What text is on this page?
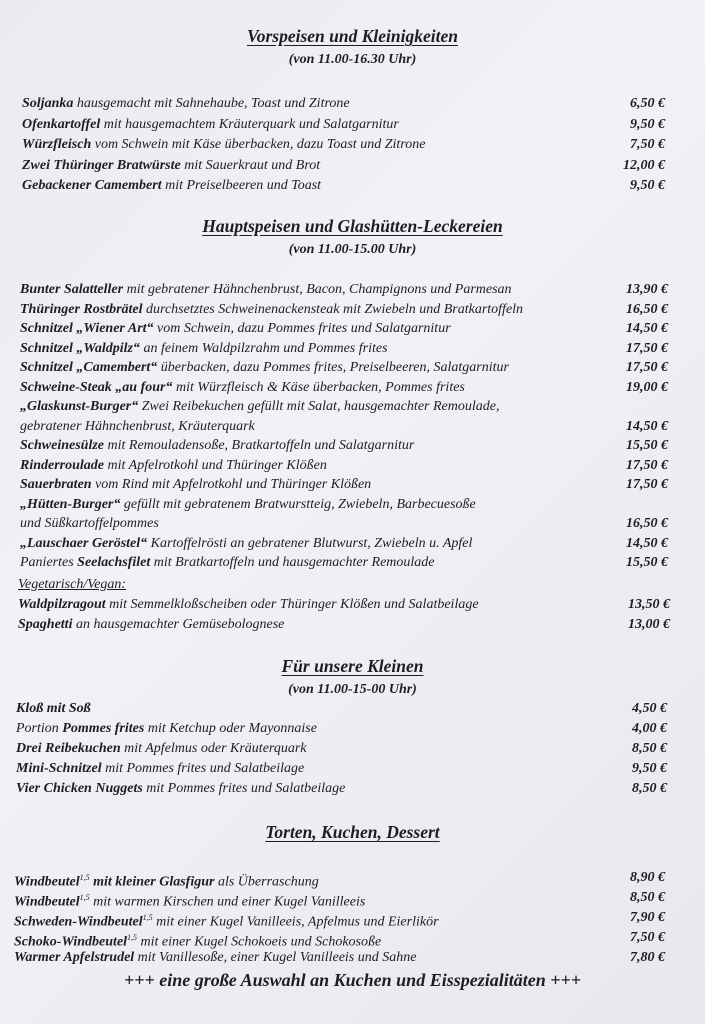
Vorspeisen und Kleinigkeiten
(von 11.00-16.30 Uhr)
Soljanka hausgemacht mit Sahnehaube, Toast und Zitrone	6,50 €
Ofenkartoffel mit hausgemachtem Kräuterquark und Salatgarnitur	9,50 €
Würzfleisch vom Schwein mit Käse überbacken, dazu Toast und Zitrone	7,50 €
Zwei Thüringer Bratwürste mit Sauerkraut und Brot	12,00 €
Gebackener Camembert mit Preiselbeeren und Toast	9,50 €
Hauptspeisen und Glashütten-Leckereien
(von 11.00-15.00 Uhr)
Bunter Salatteller mit gebratener Hähnchenbrust, Bacon, Champignons und Parmesan	13,90 €
Thüringer Rostbrätel durchsetztes Schweinenackensteak mit Zwiebeln und Bratkartoffeln	16,50 €
Schnitzel „Wiener Art“ vom Schwein, dazu Pommes frites und Salatgarnitur	14,50 €
Schnitzel „Waldpilz“ an feinem Waldpilzrahm und Pommes frites	17,50 €
Schnitzel „Camembert“ überbacken, dazu Pommes frites, Preiselbeeren, Salatgarnitur	17,50 €
Schweine-Steak „au four“ mit Würzfleisch & Käse überbacken, Pommes frites	19,00 €
„Glaskunst-Burger“ Zwei Reibekuchen gefüllt mit Salat, hausgemachter Remoulade,
gebratener Hähnchenbrust, Kräuterquark	14,50 €
Schweinesülze mit Remouladensoße, Bratkartoffeln und Salatgarnitur	15,50 €
Rinderroulade mit Apfelrotkohl und Thüringer Klößen	17,50 €
Sauerbraten vom Rind mit Apfelrotkohl und Thüringer Klößen	17,50 €
„Hütten-Burger“ gefüllt mit gebratenem Bratwurstteig, Zwiebeln, Barbecuesoße
und Süßkartoffelpommes	16,50 €
„Lauschaer Geröstel“ Kartoffelrösti an gebratener Blutwurst, Zwiebeln u. Apfel	14,50 €
Paniertes Seelachsfilet mit Bratkartoffeln und hausgemachter Remoulade	15,50 €
Vegetarisch/Vegan:
Waldpilzragout mit Semmelkloßscheiben oder Thüringer Klößen und Salatbeilage	13,50 €
Spaghetti an hausgemachter Gemüsebolognese	13,00 €
Für unsere Kleinen
(von 11.00-15-00 Uhr)
Kloß mit Soß	4,50 €
Portion Pommes frites mit Ketchup oder Mayonnaise	4,00 €
Drei Reibekuchen mit Apfelmus oder Kräuterquark	8,50 €
Mini-Schnitzel mit Pommes frites und Salatbeilage	9,50 €
Vier Chicken Nuggets mit Pommes frites und Salatbeilage	8,50 €
Torten, Kuchen, Dessert
Windbeutel$^{1,5}$ mit kleiner Glasfigur als Überraschung	8,90 €
Windbeutel$^{1,5}$ mit warmen Kirschen und einer Kugel Vanilleeis	8,50 €
Schweden-Windbeutel$^{1,5}$ mit einer Kugel Vanilleeis, Apfelmus und Eierlikör	7,90 €
Schoko-Windbeutel$^{1,5}$ mit einer Kugel Schokoeis und Schokosoße	7,50 €
Warmer Apfelstrudel mit Vanillesoße, einer Kugel Vanilleeis und Sahne	7,80 €
+++ eine große Auswahl an Kuchen und Eisspezialitäten +++
